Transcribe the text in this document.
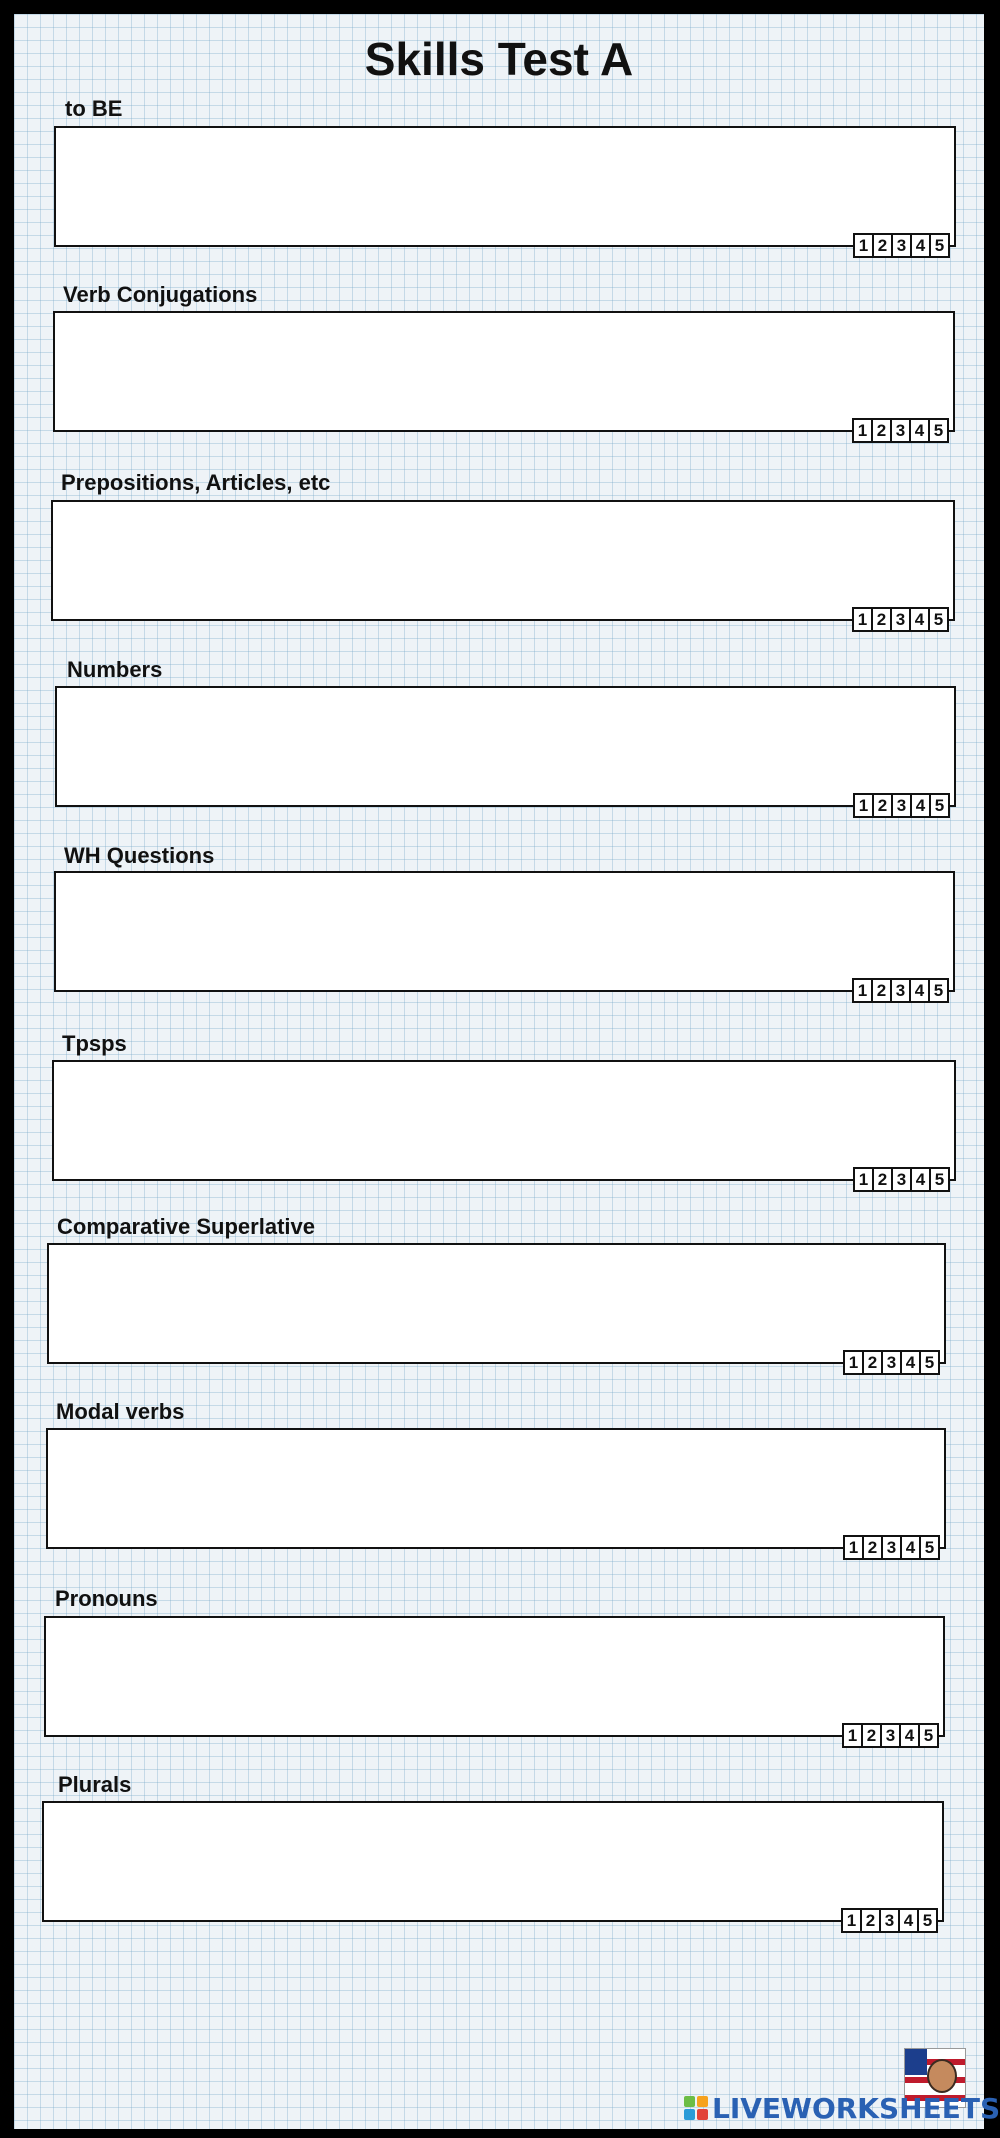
Skills Test A
to BE
1 2 3 4 5
Verb Conjugations
1 2 3 4 5
Prepositions, Articles, etc
1 2 3 4 5
Numbers
1 2 3 4 5
WH Questions
1 2 3 4 5
Tpsps
1 2 3 4 5
Comparative Superlative
1 2 3 4 5
Modal verbs
1 2 3 4 5
Pronouns
1 2 3 4 5
Plurals
1 2 3 4 5
LIVEWORKSHEETS
